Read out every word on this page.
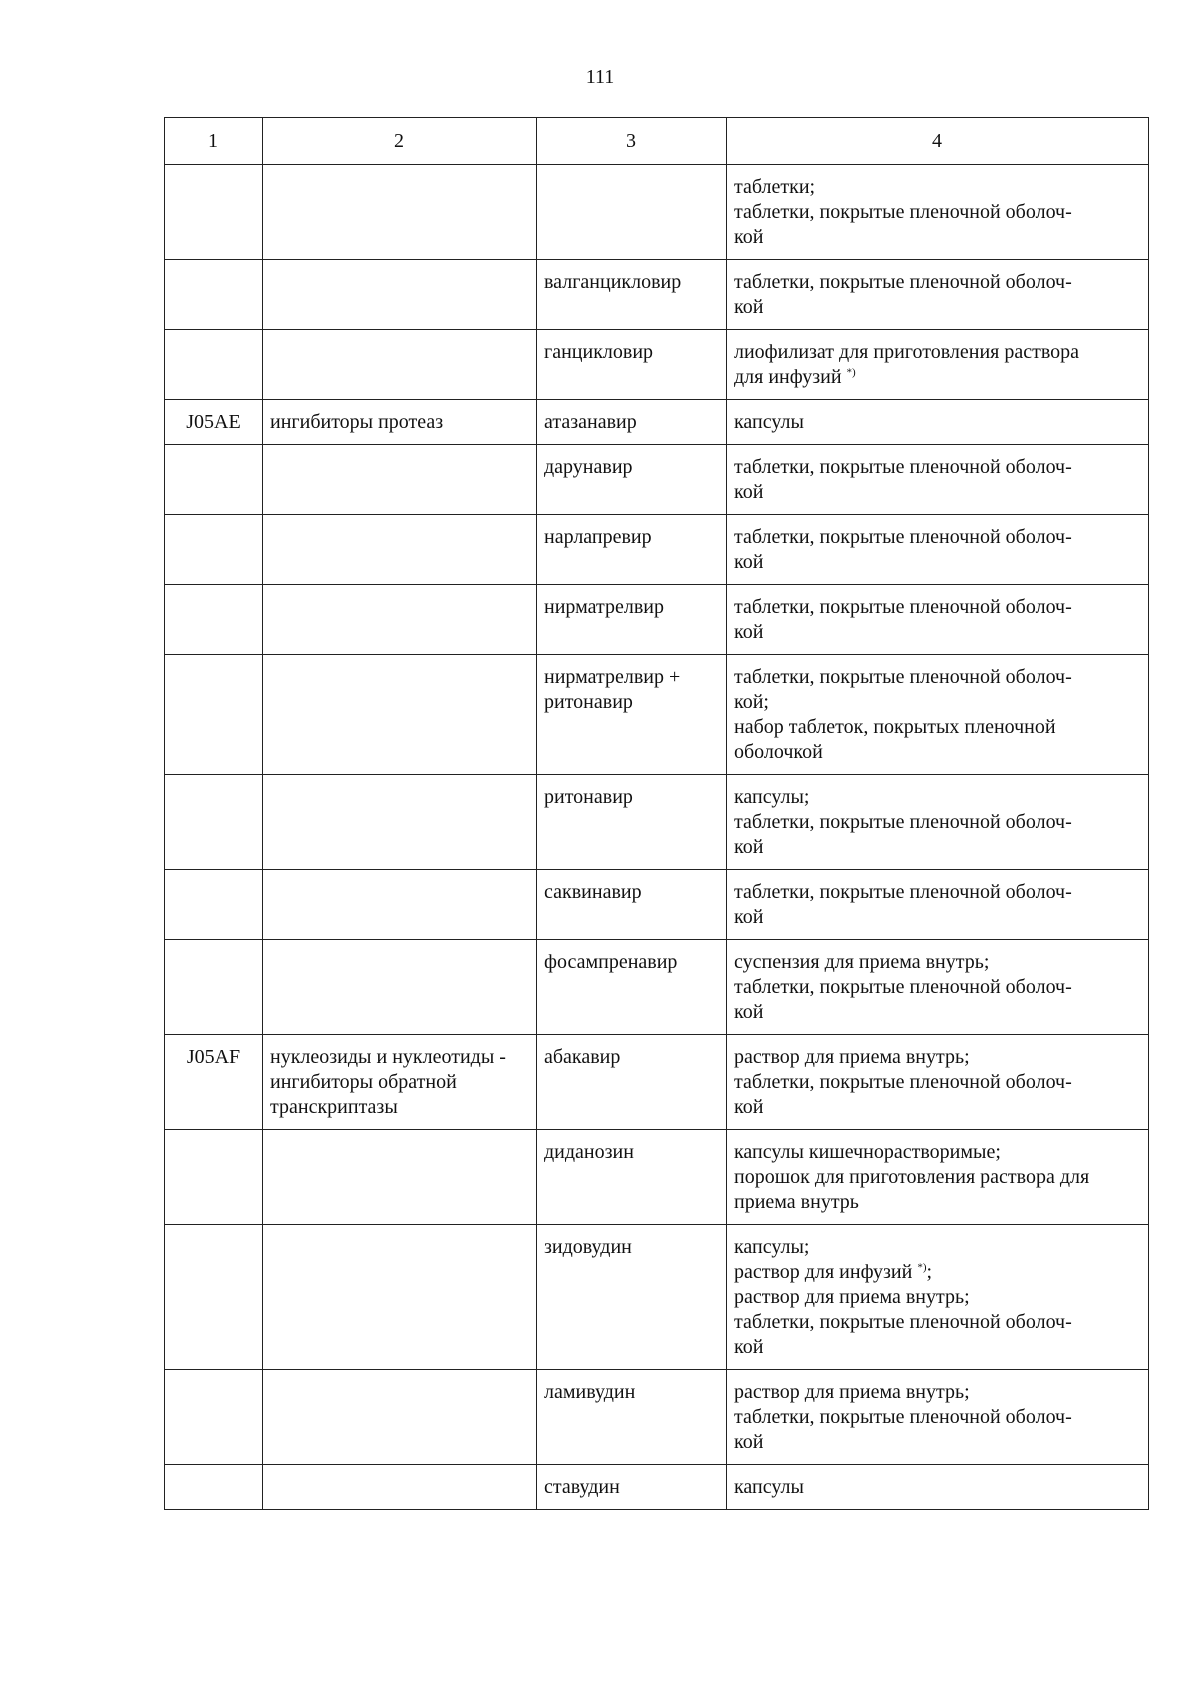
111
1	2	3	4

			таблетки;
таблетки, покрытые пленочной оболоч-
кой

		валганцикловир	таблетки, покрытые пленочной оболоч-
кой

		ганцикловир	лиофилизат для приготовления раствора
для инфузий *)

J05AE	ингибиторы протеаз	атазанавир	капсулы

		дарунавир	таблетки, покрытые пленочной оболоч-
кой

		нарлапревир	таблетки, покрытые пленочной оболоч-
кой

		нирматрелвир	таблетки, покрытые пленочной оболоч-
кой

		нирматрелвир + ритонавир	таблетки, покрытые пленочной оболоч-
кой;
набор таблеток, покрытых пленочной
оболочкой

		ритонавир	капсулы;
таблетки, покрытые пленочной оболоч-
кой

		саквинавир	таблетки, покрытые пленочной оболоч-
кой

		фосампренавир	суспензия для приема внутрь;
таблетки, покрытые пленочной оболоч-
кой

J05AF	нуклеозиды и нуклеотиды - ингибиторы обратной транскриптазы	абакавир	раствор для приема внутрь;
таблетки, покрытые пленочной оболоч-
кой

		диданозин	капсулы кишечнорастворимые;
порошок для приготовления раствора для
приема внутрь

		зидовудин	капсулы;
раствор для инфузий *);
раствор для приема внутрь;
таблетки, покрытые пленочной оболоч-
кой

		ламивудин	раствор для приема внутрь;
таблетки, покрытые пленочной оболоч-
кой

		ставудин	капсулы
